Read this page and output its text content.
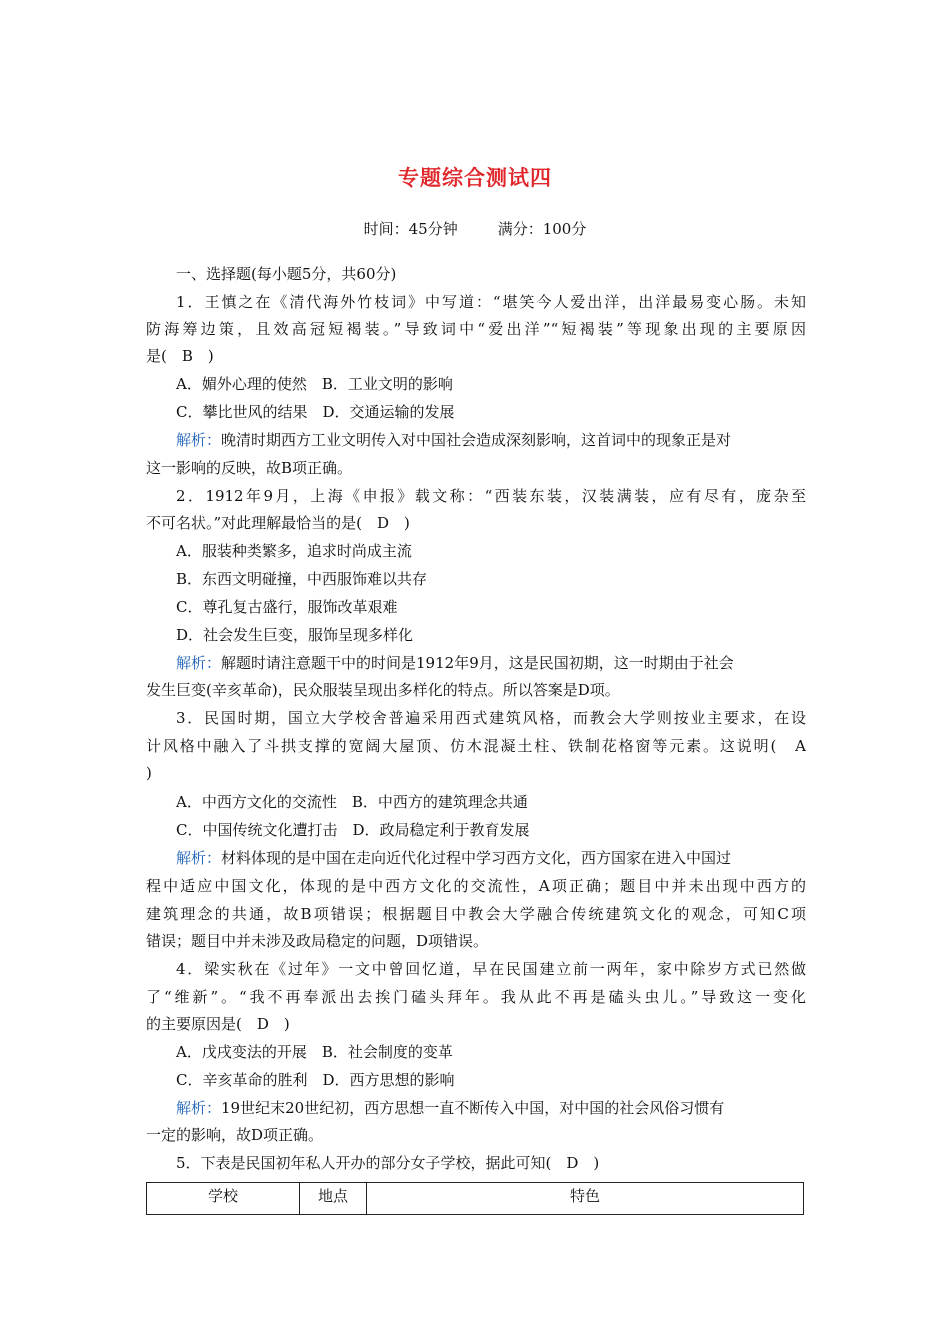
专题综合测试四
时间：45分钟	满分：100分
一、选择题(每小题5分，共60分)
1．王慎之在《清代海外竹枝词》中写道：“堪笑今人爱出洋，出洋最易变心肠。未知
防海筹边策，且效高冠短褐装。”导致词中“爱出洋”“短褐装”等现象出现的主要原因
是(　B　)
A．媚外心理的使然　B．工业文明的影响
C．攀比世风的结果　D．交通运输的发展
解析：晚清时期西方工业文明传入对中国社会造成深刻影响，这首词中的现象正是对
这一影响的反映，故B项正确。
2．1912年9月，上海《申报》载文称：“西装东装，汉装满装，应有尽有，庞杂至
不可名状。”对此理解最恰当的是(　D　)
A．服装种类繁多，追求时尚成主流
B．东西文明碰撞，中西服饰难以共存
C．尊孔复古盛行，服饰改革艰难
D．社会发生巨变，服饰呈现多样化
解析：解题时请注意题干中的时间是1912年9月，这是民国初期，这一时期由于社会
发生巨变(辛亥革命)，民众服装呈现出多样化的特点。所以答案是D项。
3．民国时期，国立大学校舍普遍采用西式建筑风格，而教会大学则按业主要求，在设
计风格中融入了斗拱支撑的宽阔大屋顶、仿木混凝土柱、铁制花格窗等元素。这说明(　A
)
A．中西方文化的交流性　B．中西方的建筑理念共通
C．中国传统文化遭打击　D．政局稳定利于教育发展
解析：材料体现的是中国在走向近代化过程中学习西方文化，西方国家在进入中国过
程中适应中国文化，体现的是中西方文化的交流性，A项正确；题目中并未出现中西方的
建筑理念的共通，故B项错误；根据题目中教会大学融合传统建筑文化的观念，可知C项
错误；题目中并未涉及政局稳定的问题，D项错误。
4．梁实秋在《过年》一文中曾回忆道，早在民国建立前一两年，家中除岁方式已然做
了“维新”。“我不再奉派出去挨门磕头拜年。我从此不再是磕头虫儿。”导致这一变化
的主要原因是(　D　)
A．戊戌变法的开展　B．社会制度的变革
C．辛亥革命的胜利　D．西方思想的影响
解析：19世纪末20世纪初，西方思想一直不断传入中国，对中国的社会风俗习惯有
一定的影响，故D项正确。
5．下表是民国初年私人开办的部分女子学校，据此可知(　D　)
学校	地点	特色
